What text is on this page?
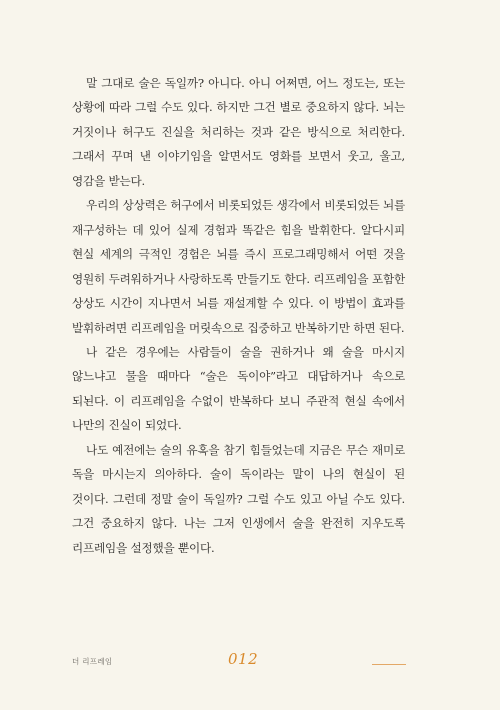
말 그대로 술은 독일까? 아니다. 아니 어쩌면, 어느 정도는, 또는 상황에 따라 그럴 수도 있다. 하지만 그건 별로 중요하지 않다. 뇌는 거짓이나 허구도 진실을 처리하는 것과 같은 방식으로 처리한다. 그래서 꾸며 낸 이야기임을 알면서도 영화를 보면서 웃고, 울고, 영감을 받는다.

우리의 상상력은 허구에서 비롯되었든 생각에서 비롯되었든 뇌를 재구성하는 데 있어 실제 경험과 똑같은 힘을 발휘한다. 알다시피 현실 세계의 극적인 경험은 뇌를 즉시 프로그래밍해서 어떤 것을 영원히 두려워하거나 사랑하도록 만들기도 한다. 리프레임을 포함한 상상도 시간이 지나면서 뇌를 재설계할 수 있다. 이 방법이 효과를 발휘하려면 리프레임을 머릿속으로 집중하고 반복하기만 하면 된다.

나 같은 경우에는 사람들이 술을 권하거나 왜 술을 마시지 않느냐고 물을 때마다 “술은 독이야”라고 대답하거나 속으로 되뇐다. 이 리프레임을 수없이 반복하다 보니 주관적 현실 속에서 나만의 진실이 되었다.

나도 예전에는 술의 유혹을 참기 힘들었는데 지금은 무슨 재미로 독을 마시는지 의아하다. 술이 독이라는 말이 나의 현실이 된 것이다. 그런데 정말 술이 독일까? 그럴 수도 있고 아닐 수도 있다. 그건 중요하지 않다. 나는 그저 인생에서 술을 완전히 지우도록 리프레임을 설정했을 뿐이다.

더 리프레임	012
